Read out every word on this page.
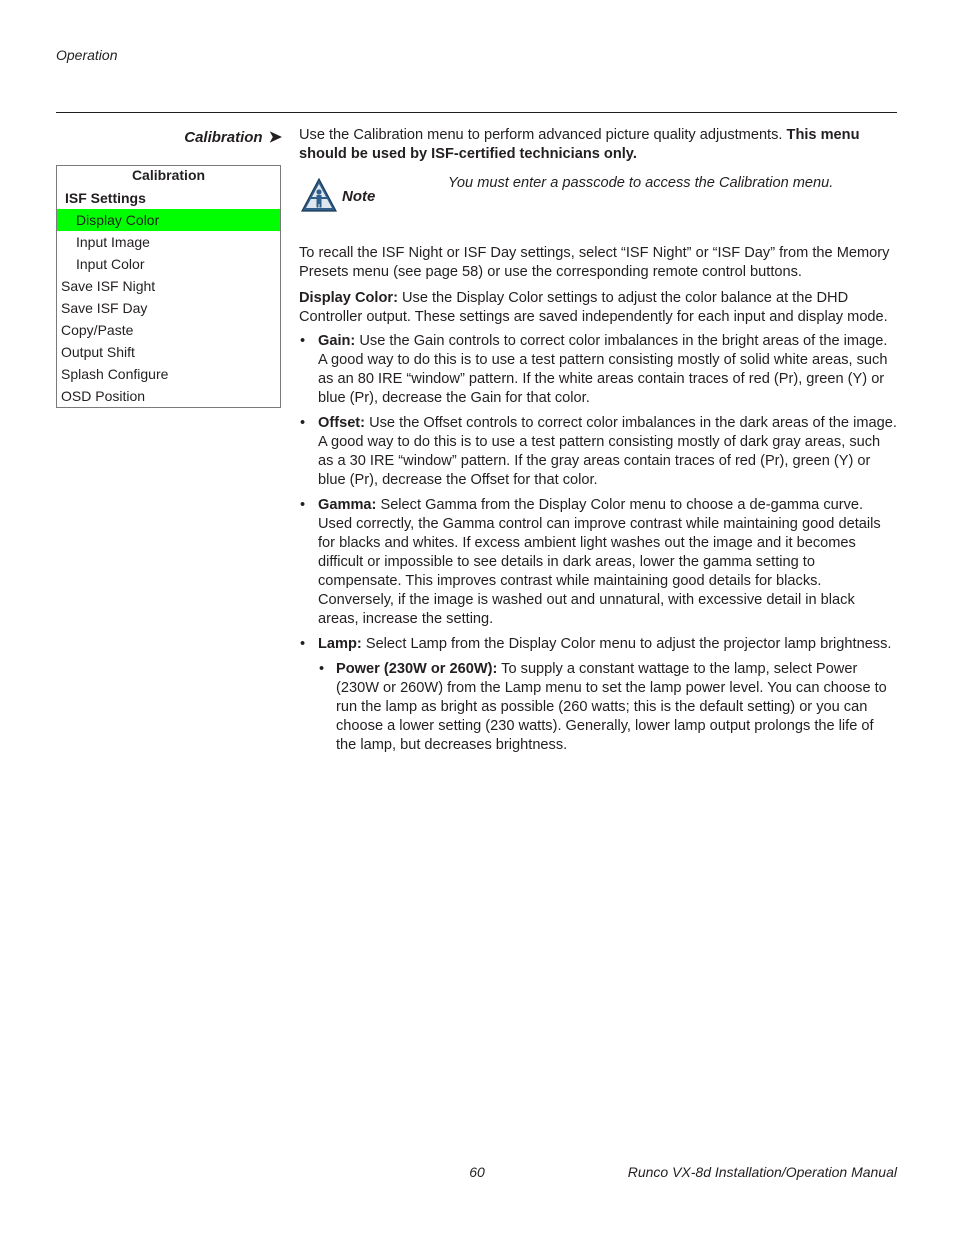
Operation
Calibration ➤
Calibration
ISF Settings
Display Color
Input Image
Input Color
Save ISF Night
Save ISF Day
Copy/Paste
Output Shift
Splash Configure
OSD Position

Use the Calibration menu to perform advanced picture quality adjustments. This menu should be used by ISF-certified technicians only.

Note
You must enter a passcode to access the Calibration menu.

To recall the ISF Night or ISF Day settings, select “ISF Night” or “ISF Day” from the Memory Presets menu (see page 58) or use the corresponding remote control buttons.

Display Color: Use the Display Color settings to adjust the color balance at the DHD Controller output. These settings are saved independently for each input and display mode.

• Gain: Use the Gain controls to correct color imbalances in the bright areas of the image. A good way to do this is to use a test pattern consisting mostly of solid white areas, such as an 80 IRE “window” pattern. If the white areas contain traces of red (Pr), green (Y) or blue (Pr), decrease the Gain for that color.
• Offset: Use the Offset controls to correct color imbalances in the dark areas of the image. A good way to do this is to use a test pattern consisting mostly of dark gray areas, such as a 30 IRE “window” pattern. If the gray areas contain traces of red (Pr), green (Y) or blue (Pr), decrease the Offset for that color.
• Gamma: Select Gamma from the Display Color menu to choose a de-gamma curve. Used correctly, the Gamma control can improve contrast while maintaining good details for blacks and whites. If excess ambient light washes out the image and it becomes difficult or impossible to see details in dark areas, lower the gamma setting to compensate. This improves contrast while maintaining good details for blacks. Conversely, if the image is washed out and unnatural, with excessive detail in black areas, increase the setting.
• Lamp: Select Lamp from the Display Color menu to adjust the projector lamp brightness.
• Power (230W or 260W): To supply a constant wattage to the lamp, select Power (230W or 260W) from the Lamp menu to set the lamp power level. You can choose to run the lamp as bright as possible (260 watts; this is the default setting) or you can choose a lower setting (230 watts). Generally, lower lamp output prolongs the life of the lamp, but decreases brightness.
60	Runco VX-8d Installation/Operation Manual
